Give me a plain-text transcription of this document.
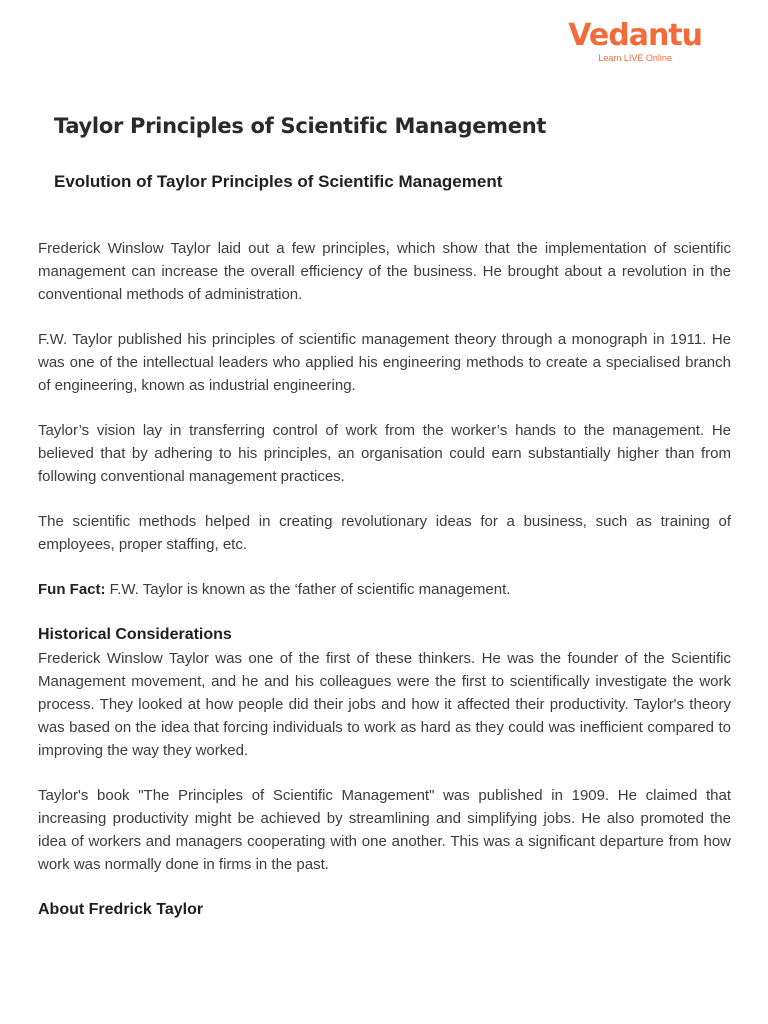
Vedantu
Learn LIVE Online
Taylor Principles of Scientific Management
Evolution of Taylor Principles of Scientific Management

Frederick Winslow Taylor laid out a few principles, which show that the implementation of scientific management can increase the overall efficiency of the business. He brought about a revolution in the conventional methods of administration.

F.W. Taylor published his principles of scientific management theory through a monograph in 1911. He was one of the intellectual leaders who applied his engineering methods to create a specialised branch of engineering, known as industrial engineering.

Taylor’s vision lay in transferring control of work from the worker’s hands to the management. He believed that by adhering to his principles, an organisation could earn substantially higher than from following conventional management practices.

The scientific methods helped in creating revolutionary ideas for a business, such as training of employees, proper staffing, etc.

Fun Fact: F.W. Taylor is known as the ‘father of scientific management.

Historical Considerations

Frederick Winslow Taylor was one of the first of these thinkers. He was the founder of the Scientific Management movement, and he and his colleagues were the first to scientifically investigate the work process. They looked at how people did their jobs and how it affected their productivity. Taylor's theory was based on the idea that forcing individuals to work as hard as they could was inefficient compared to improving the way they worked.

Taylor's book "The Principles of Scientific Management" was published in 1909. He claimed that increasing productivity might be achieved by streamlining and simplifying jobs. He also promoted the idea of workers and managers cooperating with one another. This was a significant departure from how work was normally done in firms in the past.

About Fredrick Taylor
